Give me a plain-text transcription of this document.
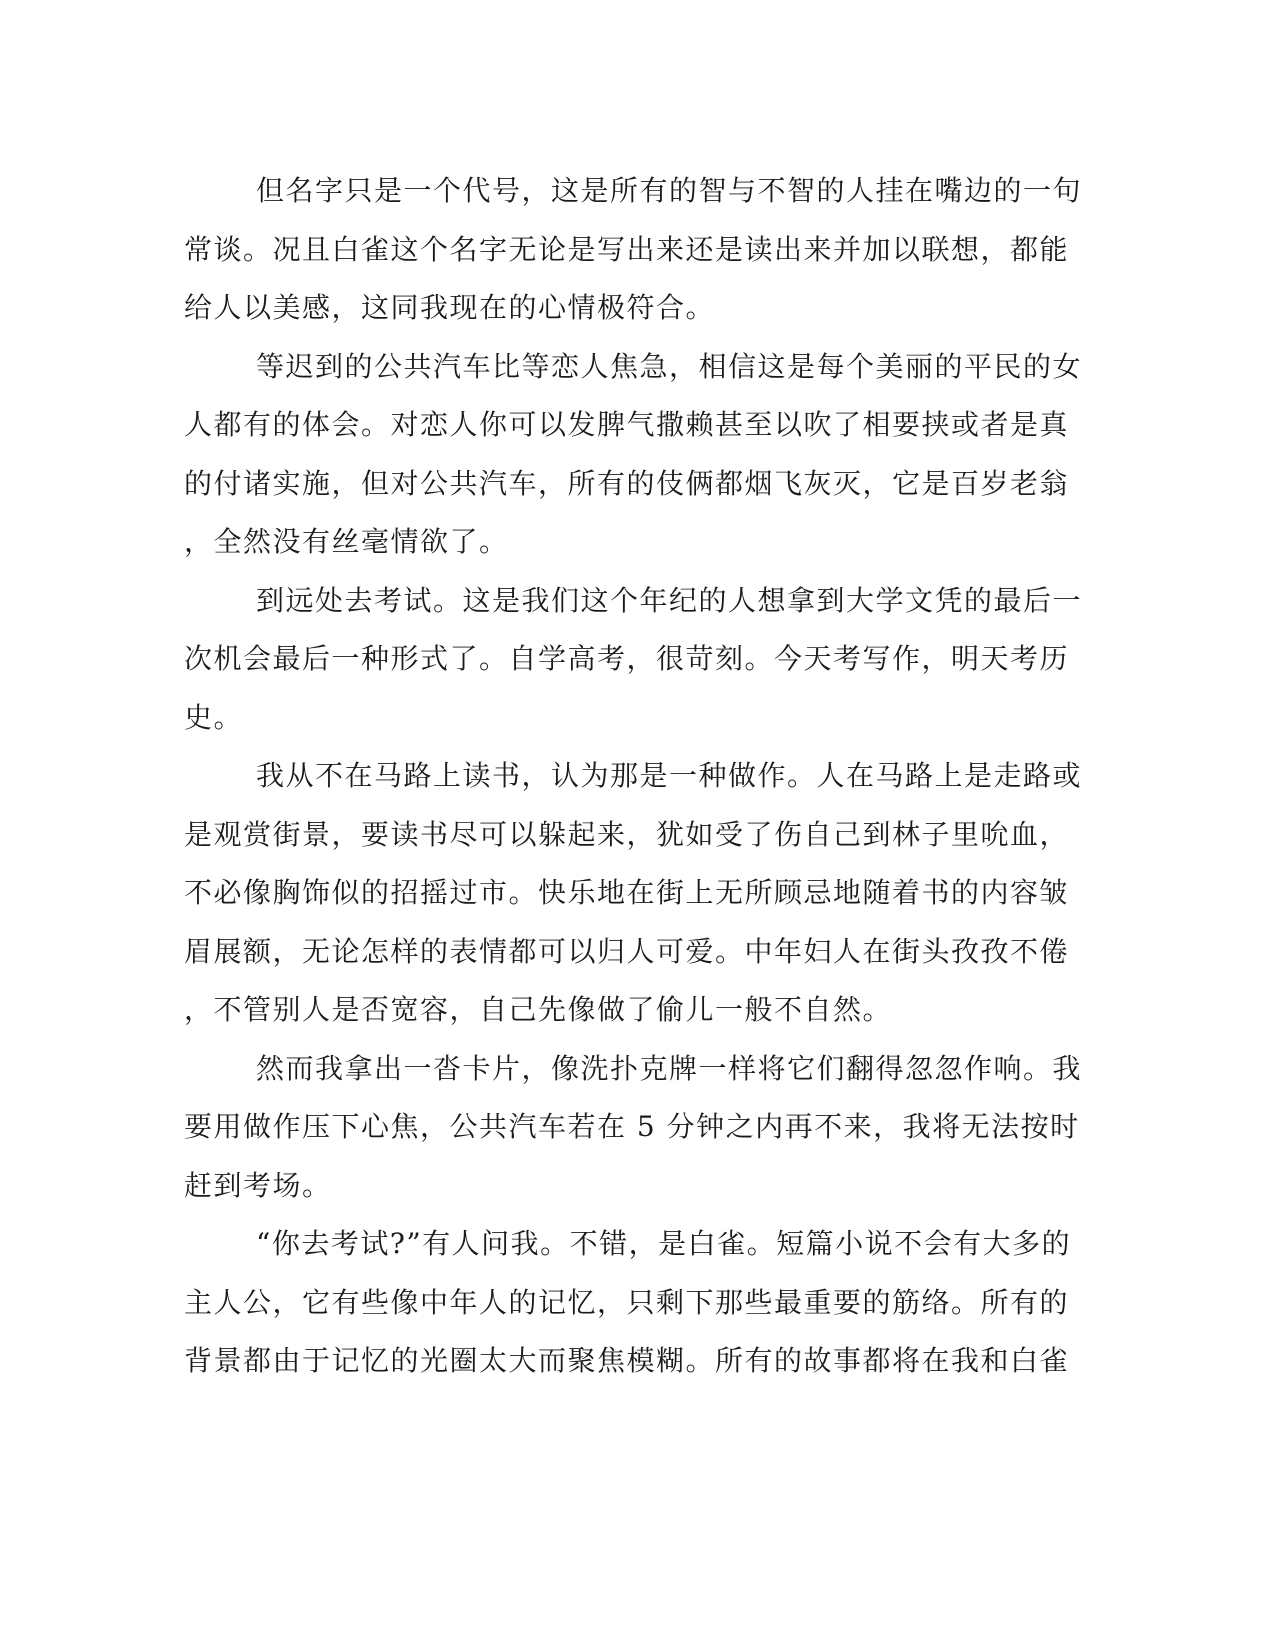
但名字只是一个代号，这是所有的智与不智的人挂在嘴边的一句
常谈。况且白雀这个名字无论是写出来还是读出来并加以联想，都能
给人以美感，这同我现在的心情极符合。
等迟到的公共汽车比等恋人焦急，相信这是每个美丽的平民的女
人都有的体会。对恋人你可以发脾气撒赖甚至以吹了相要挟或者是真
的付诸实施，但对公共汽车，所有的伎俩都烟飞灰灭，它是百岁老翁
，全然没有丝毫情欲了。
到远处去考试。这是我们这个年纪的人想拿到大学文凭的最后一
次机会最后一种形式了。自学高考，很苛刻。今天考写作，明天考历
史。
我从不在马路上读书，认为那是一种做作。人在马路上是走路或
是观赏街景，要读书尽可以躲起来，犹如受了伤自己到林子里吮血，
不必像胸饰似的招摇过市。快乐地在街上无所顾忌地随着书的内容皱
眉展额，无论怎样的表情都可以归人可爱。中年妇人在街头孜孜不倦
，不管别人是否宽容，自己先像做了偷儿一般不自然。
然而我拿出一沓卡片，像洗扑克牌一样将它们翻得忽忽作响。我
要用做作压下心焦，公共汽车若在 5 分钟之内再不来，我将无法按时
赶到考场。
“你去考试?”有人问我。不错，是白雀。短篇小说不会有大多的
主人公，它有些像中年人的记忆，只剩下那些最重要的筋络。所有的
背景都由于记忆的光圈太大而聚焦模糊。所有的故事都将在我和白雀
